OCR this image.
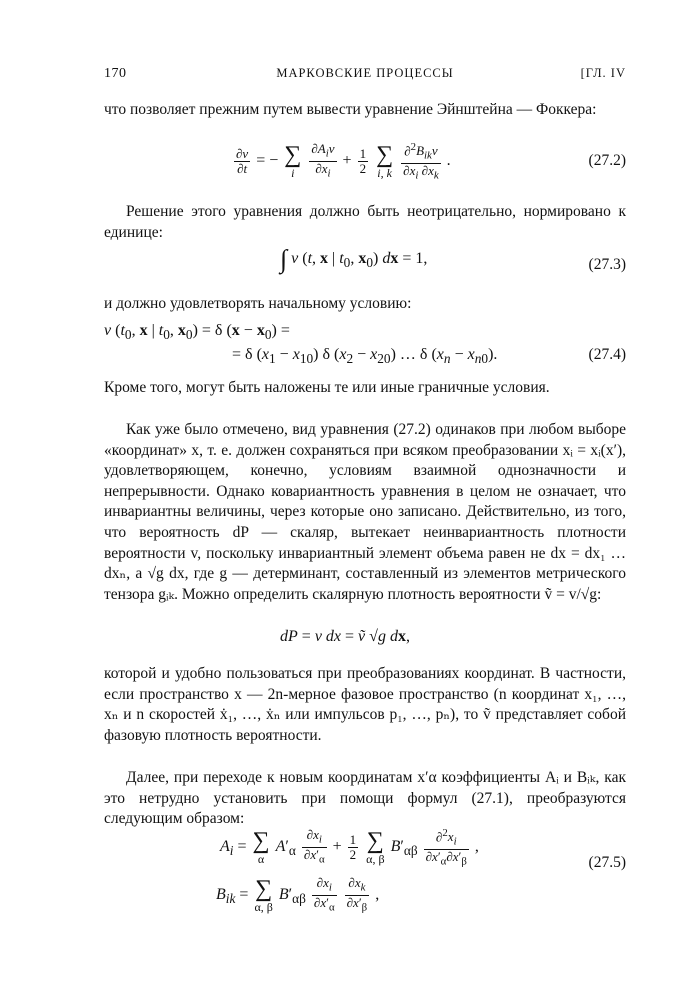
170	МАРКОВСКИЕ ПРОЦЕССЫ	[ГЛ. IV
что позволяет прежним путем вывести уравнение Эйнштейна — Фоккера:
$\frac{\partial v}{\partial t}$ = − ∑
i $\frac{\partial A_iv}{\partial x_i} + \frac{1}{2}$
∑
i, k $\frac{\partial^2B_{ik}v}{\partial x_i \partial x_k}$ .	(27.2)
Решение этого уравнения должно быть неотрицательно, нормировано к единице:
∫ v (t, x | $t_0$, $x_0$) dx = 1,	(27.3)
и должно удовлетворять начальному условию:
v ($t_0$, x | $t_0$, $x_0) = \delta$ $(x - x_0)$ =
= δ $(x_1 - x_{10})$ δ $(x_2 - x_{20})$ … δ $(x_n - x_{n0})$.	(27.4)
Кроме того, могут быть наложены те или иные граничные условия.
Как уже было отмечено, вид уравнения (27.2) одинаков при любом выборе «координат» x, т. е. должен сохраняться при всяком преобразовании xᵢ = xᵢ(x′), удовлетворяющем, конечно, условиям взаимной однозначности и непрерывности. Однако ковариантность уравнения в целом не означает, что инвариантны величины, через которые оно записано. Действительно, из того, что вероятность dP — скаляр, вытекает неинвариантность плотности вероятности v, поскольку инвариантный элемент объема равен не dx = dx₁ … dxₙ, а √g dx, где g — детерминант, составленный из элементов метрического тензора gᵢₖ. Можно определить скалярную плотность вероятности ṽ = v/√g:
dP = v dx = ṽ √g dx,
которой и удобно пользоваться при преобразованиях координат. В частности, если пространство x — 2n-мерное фазовое пространство (n координат x₁, …, xₙ и n скоростей ẋ₁, …, ẋₙ или импульсов p₁, …, pₙ), то ṽ представляет собой фазовую плотность вероятности.
Далее, при переходе к новым координатам x′α коэффициенты Aᵢ и Bᵢₖ, как это нетрудно установить при помощи формул (27.1), преобразуются следующим образом:
$A_i$ = ∑
α $A'_\alpha \frac{\partial x_i}{\partial x'_\alpha} + \frac{1}{2}$
∑
α, β $B'_{\alpha\beta} \frac{\partial^2x_i}{\partial x'_\alpha\partial x'_\beta}$ ,
$B_{ik}$ = ∑
α, β $B'_{\alpha\beta} \frac{\partial x_i}{\partial x'_\alpha}$
$\frac{\partial x_k}{\partial x'_\beta}$ ,
(27.5)
